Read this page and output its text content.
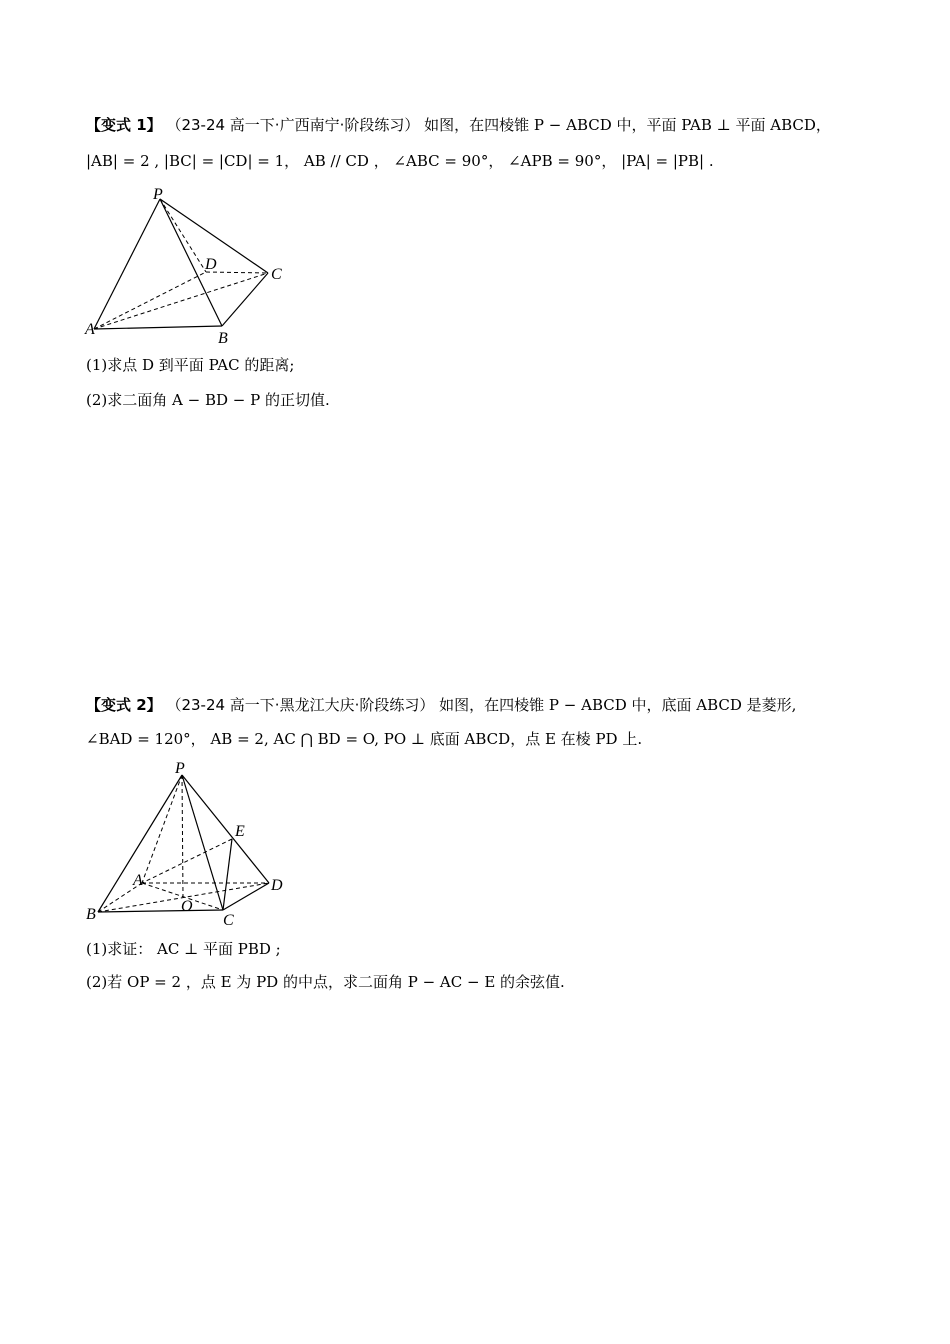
【变式 1】 （23-24 高一下·广西南宁·阶段练习） 如图，在四棱锥 P − ABCD 中，平面 PAB ⊥ 平面 ABCD，
|AB| = 2 , |BC| = |CD| = 1， AB // CD ， ∠ABC = 90°， ∠APB = 90°， |PA| = |PB| .
P
D
C
A
B
(1)求点 D 到平面 PAC 的距离;
(2)求二面角 A − BD − P 的正切值.
【变式 2】 （23-24 高一下·黑龙江大庆·阶段练习） 如图，在四棱锥 P − ABCD 中，底面 ABCD 是菱形,
∠BAD = 120°， AB = 2, AC ⋂ BD = O, PO ⊥ 底面 ABCD，点 E 在棱 PD 上.
P
E
A	D
B	O
C
(1)求证： AC ⊥ 平面 PBD ;
(2)若 OP = 2 ，点 E 为 PD 的中点，求二面角 P − AC − E 的余弦值.
